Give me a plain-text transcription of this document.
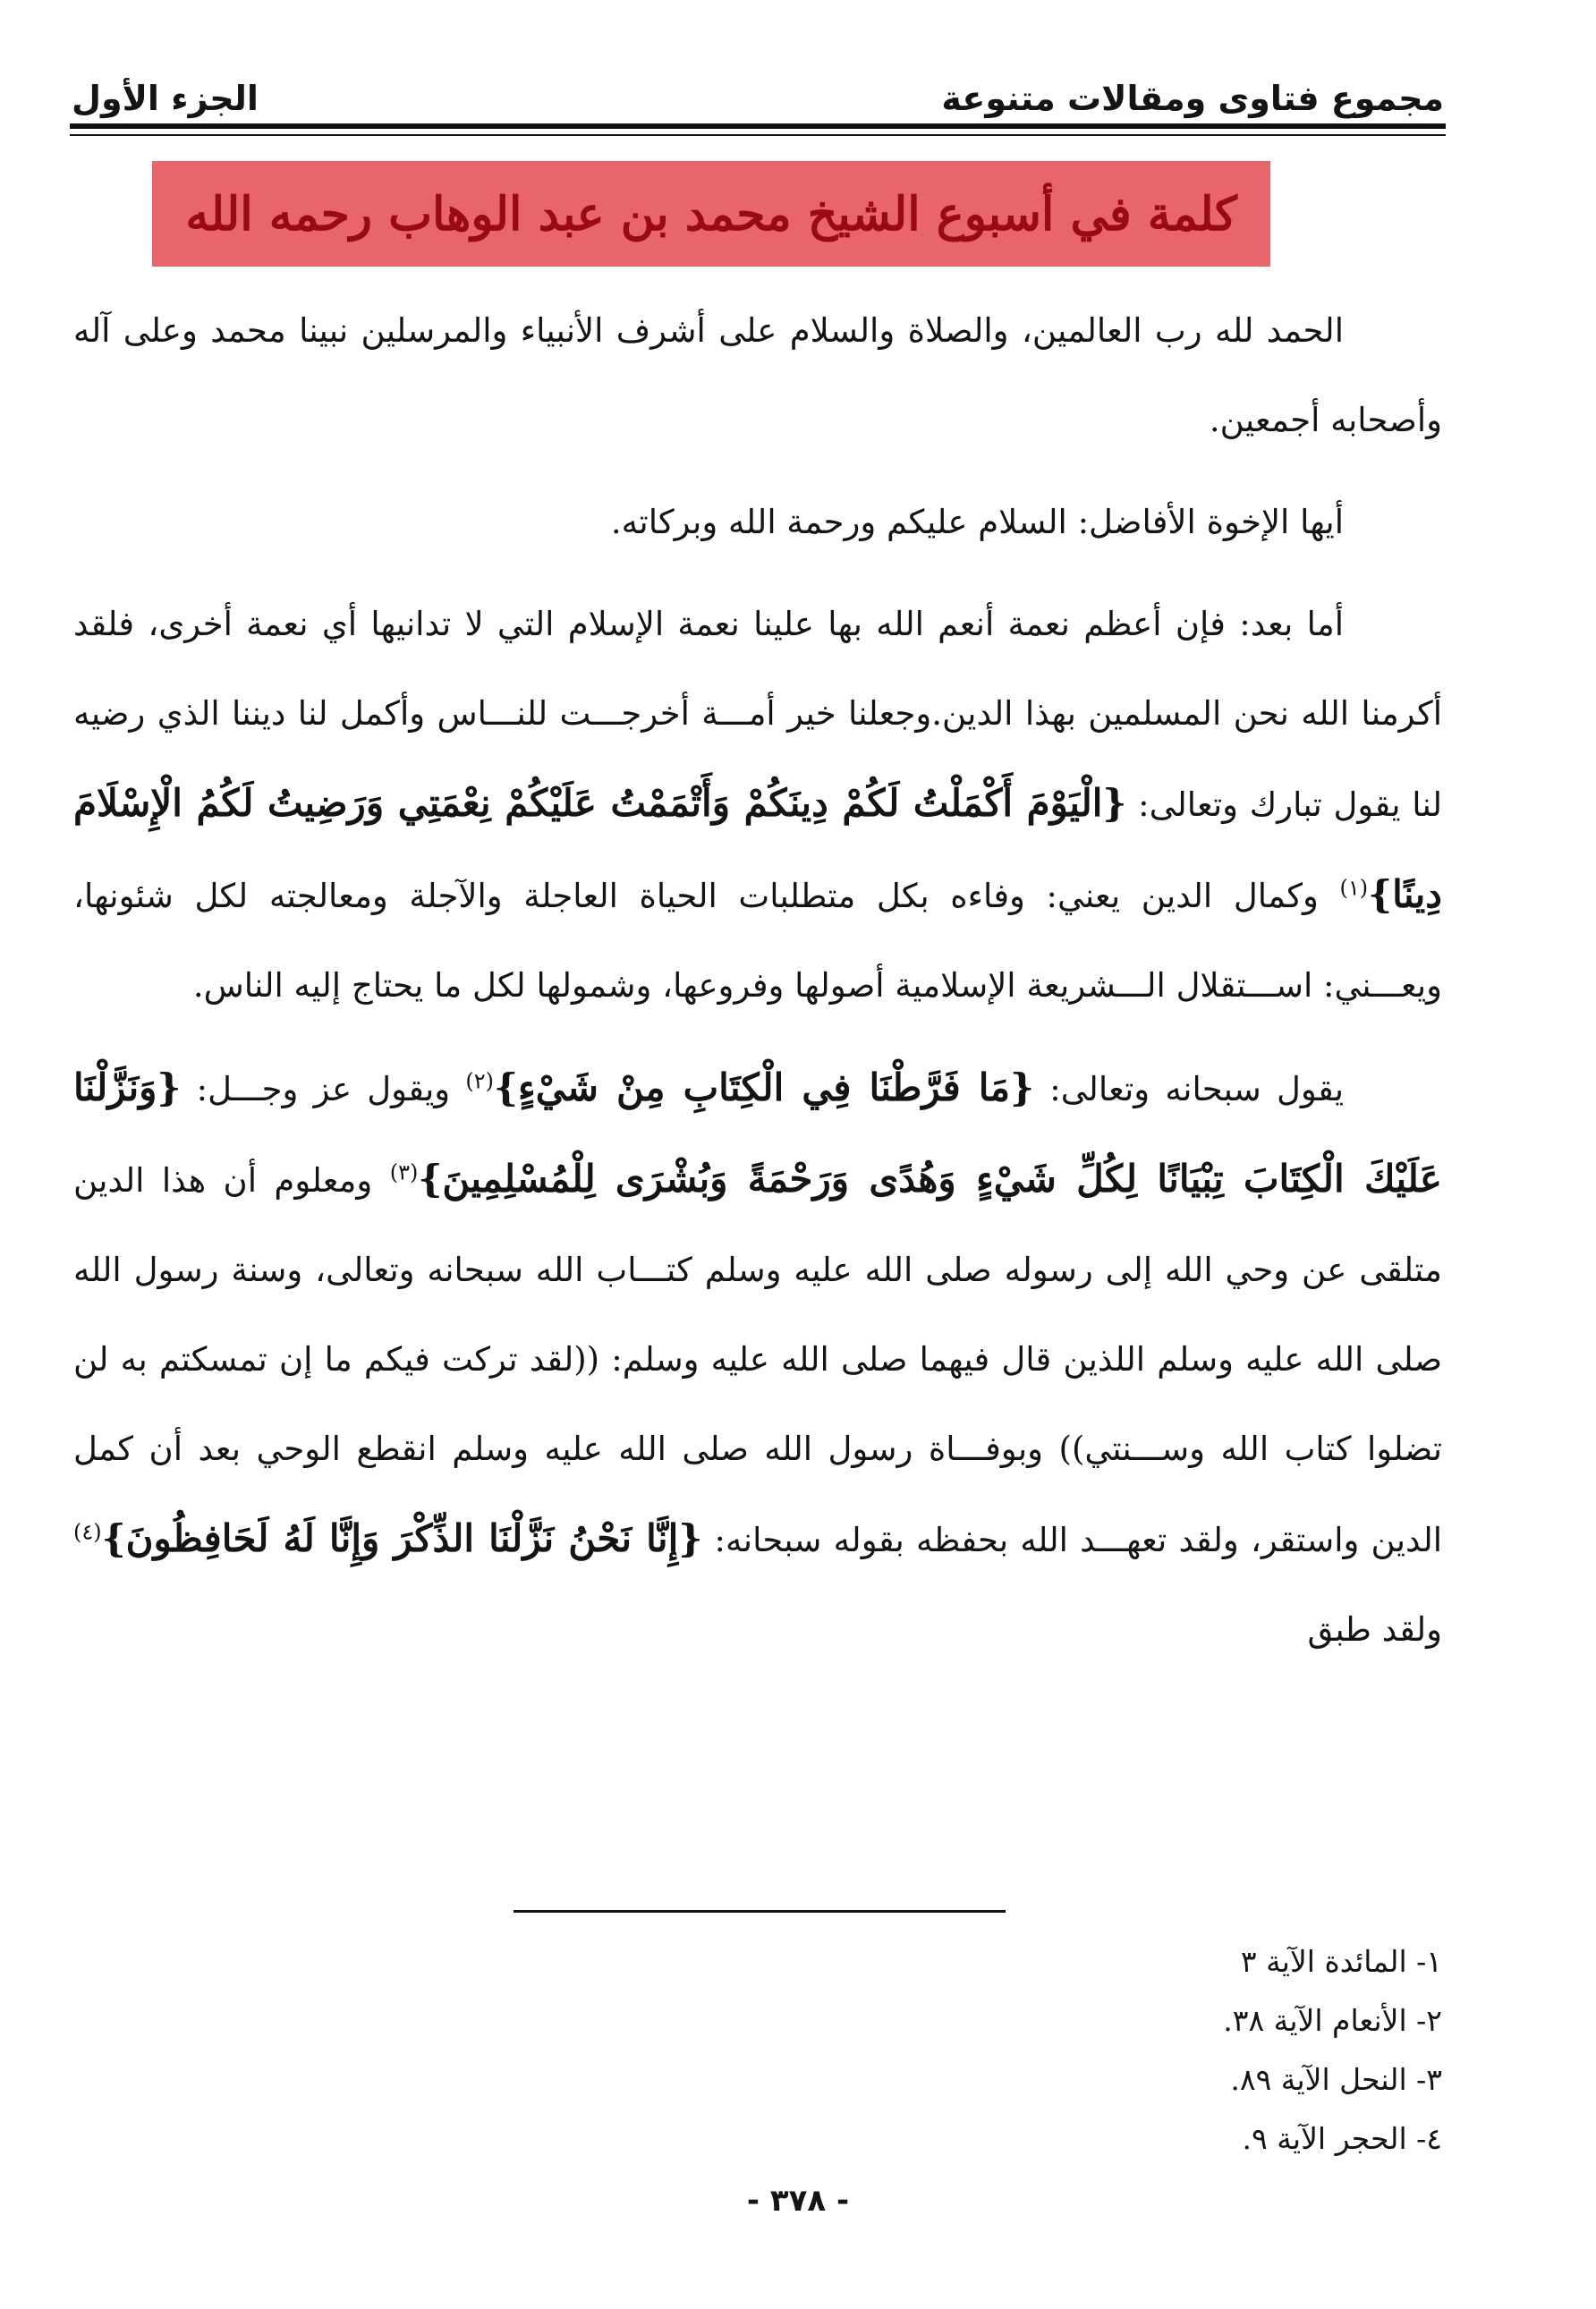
مجموع فتاوى ومقالات متنوعة
الجزء الأول
كلمة في أسبوع الشيخ محمد بن عبد الوهاب رحمه الله

الحمد لله رب العالمين، والصلاة والسلام على أشرف الأنبياء والمرسلين نبينا محمد وعلى آله وأصحابه أجمعين.

أيها الإخوة الأفاضل: السلام عليكم ورحمة الله وبركاته.

أما بعد: فإن أعظم نعمة أنعم الله بها علينا نعمة الإسلام التي لا تدانيها أي نعمة أخرى، فلقد أكرمنا الله نحن المسلمين بهذا الدين.وجعلنا خير أمـــة أخرجـــت للنـــاس وأكمل لنا ديننا الذي رضيه لنا يقول تبارك وتعالى: {الْيَوْمَ أَكْمَلْتُ لَكُمْ دِينَكُمْ وَأَتْمَمْتُ عَلَيْكُمْ نِعْمَتِي وَرَضِيتُ لَكُمُ الْإِسْلَامَ دِينًا}$^{(١)}$ وكمال الدين يعني: وفاءه بكل متطلبات الحياة العاجلة والآجلة ومعالجته لكل شئونها، ويعـــني: اســـتقلال الـــشريعة الإسلامية أصولها وفروعها، وشمولها لكل ما يحتاج إليه الناس.

يقول سبحانه وتعالى: {مَا فَرَّطْنَا فِي الْكِتَابِ مِنْ شَيْءٍ}$^{(٢)}$ ويقول عز وجـــل: {وَنَزَّلْنَا عَلَيْكَ الْكِتَابَ تِبْيَانًا لِكُلِّ شَيْءٍ وَهُدًى وَرَحْمَةً وَبُشْرَى لِلْمُسْلِمِينَ}$^{(٣)}$ ومعلوم أن هذا الدين متلقى عن وحي الله إلى رسوله صلى الله عليه وسلم كتـــاب الله سبحانه وتعالى، وسنة رسول الله صلى الله عليه وسلم اللذين قال فيهما صلى الله عليه وسلم: ((لقد تركت فيكم ما إن تمسكتم به لن تضلوا كتاب الله وســـنتي)) وبوفـــاة رسول الله صلى الله عليه وسلم انقطع الوحي بعد أن كمل الدين واستقر، ولقد تعهـــد الله بحفظه بقوله سبحانه: {إِنَّا نَحْنُ نَزَّلْنَا الذِّكْرَ وَإِنَّا لَهُ لَحَافِظُونَ}$^{(٤)}$ ولقد طبق

١- المائدة الآية ٣
٢- الأنعام الآية ٣٨.
٣- النحل الآية ٨٩.
٤- الحجر الآية ٩.
- ٣٧٨ -
